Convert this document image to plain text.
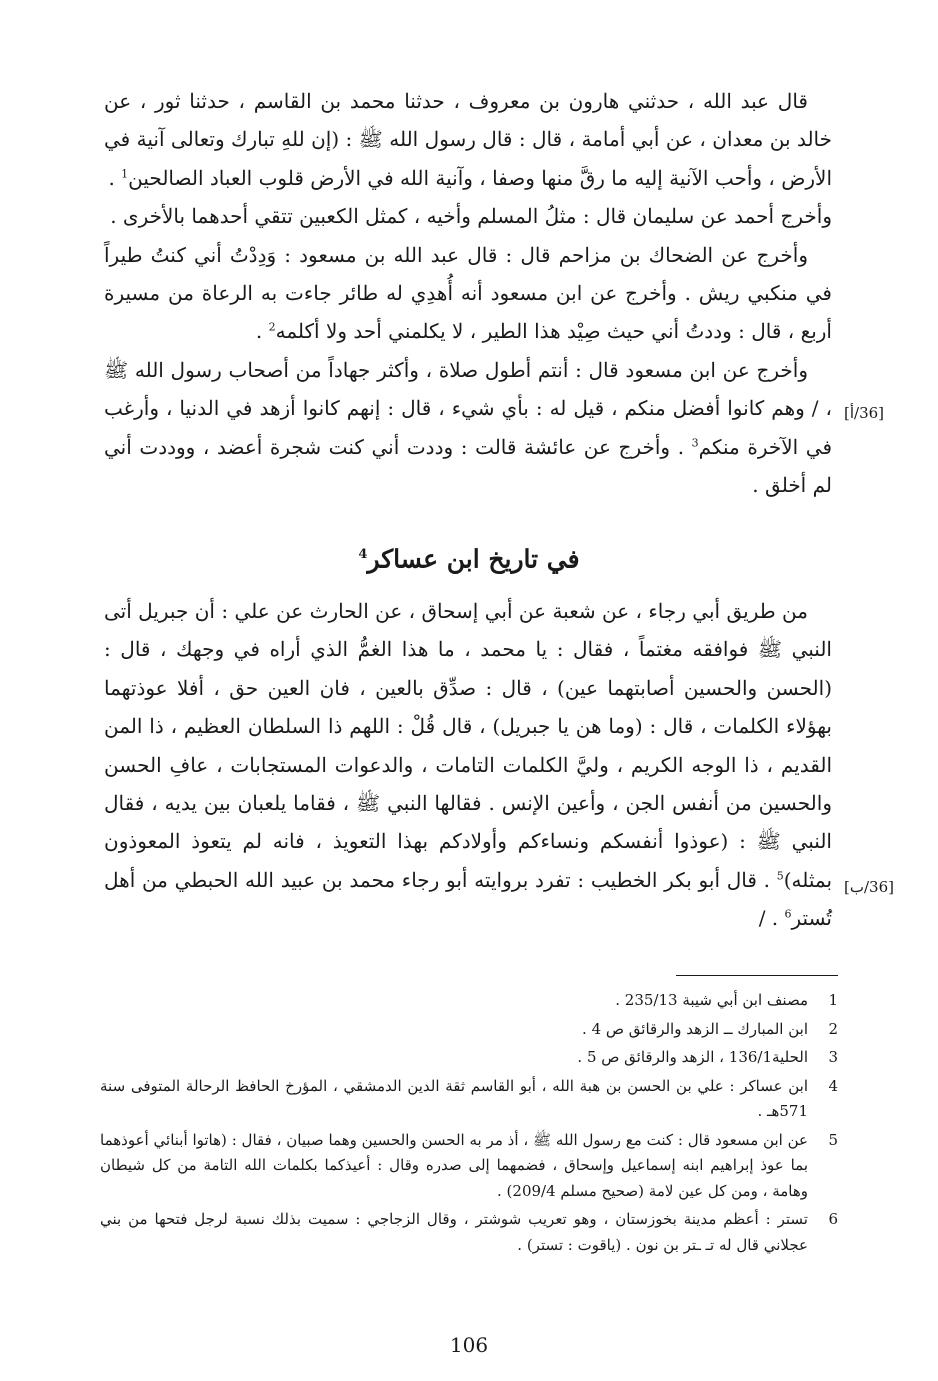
قال عبد الله ، حدثني هارون بن معروف ، حدثنا محمد بن القاسم ، حدثنا ثور ، عن خالد بن معدان ، عن أبي أمامة ، قال : قال رسول الله ﷺ : (إن للهِ تبارك وتعالى آنية في الأرض ، وأحب الآنية إليه ما رقَّ منها وصفا ، وآنية الله في الأرض قلوب العباد الصالحين$^1$ .

وأخرج أحمد عن سليمان قال : مثلُ المسلم وأخيه ، كمثل الكعبين تتقي أحدهما بالأخرى .

وأخرج عن الضحاك بن مزاحم قال : قال عبد الله بن مسعود : وَدِدْتُ أني كنتُ طيراً في منكبي ريش . وأخرج عن ابن مسعود أنه أُهدِي له طائر جاءت به الرعاة من مسيرة أربع ، قال : وددتُ أني حيث صِيْد هذا الطير ، لا يكلمني أحد ولا أكلمه$^2$ .

وأخرج عن ابن مسعود قال : أنتم أطول صلاة ، وأكثر جهاداً من أصحاب رسول الله ﷺ ، / وهم كانوا أفضل منكم ، قيل له : بأي شيء ، قال : إنهم كانوا أزهد في الدنيا ، وأرغب في الآخرة منكم$^3$ . وأخرج عن عائشة قالت : وددت أني كنت شجرة أعضد ، ووددت أني لم أخلق .

[36/أ]
في تاريخ ابن عساكر$^4$

من طريق أبي رجاء ، عن شعبة عن أبي إسحاق ، عن الحارث عن علي : أن جبريل أتى النبي ﷺ فوافقه مغتماً ، فقال : يا محمد ، ما هذا الغمُّ الذي أراه في وجهك ، قال : (الحسن والحسين أصابتهما عين) ، قال : صدِّق بالعين ، فان العين حق ، أفلا عوذتهما بهؤلاء الكلمات ، قال : (وما هن يا جبريل) ، قال قُلْ : اللهم ذا السلطان العظيم ، ذا المن القديم ، ذا الوجه الكريم ، وليَّ الكلمات التامات ، والدعوات المستجابات ، عافِ الحسن والحسين من أنفس الجن ، وأعين الإنس . فقالها النبي ﷺ ، فقاما يلعبان بين يديه ، فقال النبي ﷺ : (عوذوا أنفسكم ونساءكم وأولادكم بهذا التعويذ ، فانه لم يتعوذ المعوذون بمثله)$^5$ . قال أبو بكر الخطيب : تفرد بروايته أبو رجاء محمد بن عبيد الله الحبطي من أهل تُستر$^6$ . /

[36/ب]
1
مصنف ابن أبي شيبة 235/13 .
2
ابن المبارك ــ الزهد والرقائق ص 4 .
3
الحلية136/1 ، الزهد والرقائق ص 5 .
4
ابن عساكر : علي بن الحسن بن هبة الله ، أبو القاسم ثقة الدين الدمشقي ، المؤرخ الحافظ الرحالة المتوفى سنة 571هـ .
5
عن ابن مسعود قال : كنت مع رسول الله ﷺ ، أذ مر به الحسن والحسين وهما صبيان ، فقال : (هاتوا أبنائي أعوذهما بما عوذ إبراهيم ابنه إسماعيل وإسحاق ، فضمهما إلى صدره وقال : أعيذكما بكلمات الله التامة من كل شيطان وهامة ، ومن كل عين لامة (صحيح مسلم 209/4) .
6
تستر : أعظم مدينة بخوزستان ، وهو تعريب شوشتر ، وقال الزجاجي : سميت بذلك نسبة لرجل فتحها من بني عجلاني قال له تـ ـتر بن نون . (ياقوت : تستر) .
106
